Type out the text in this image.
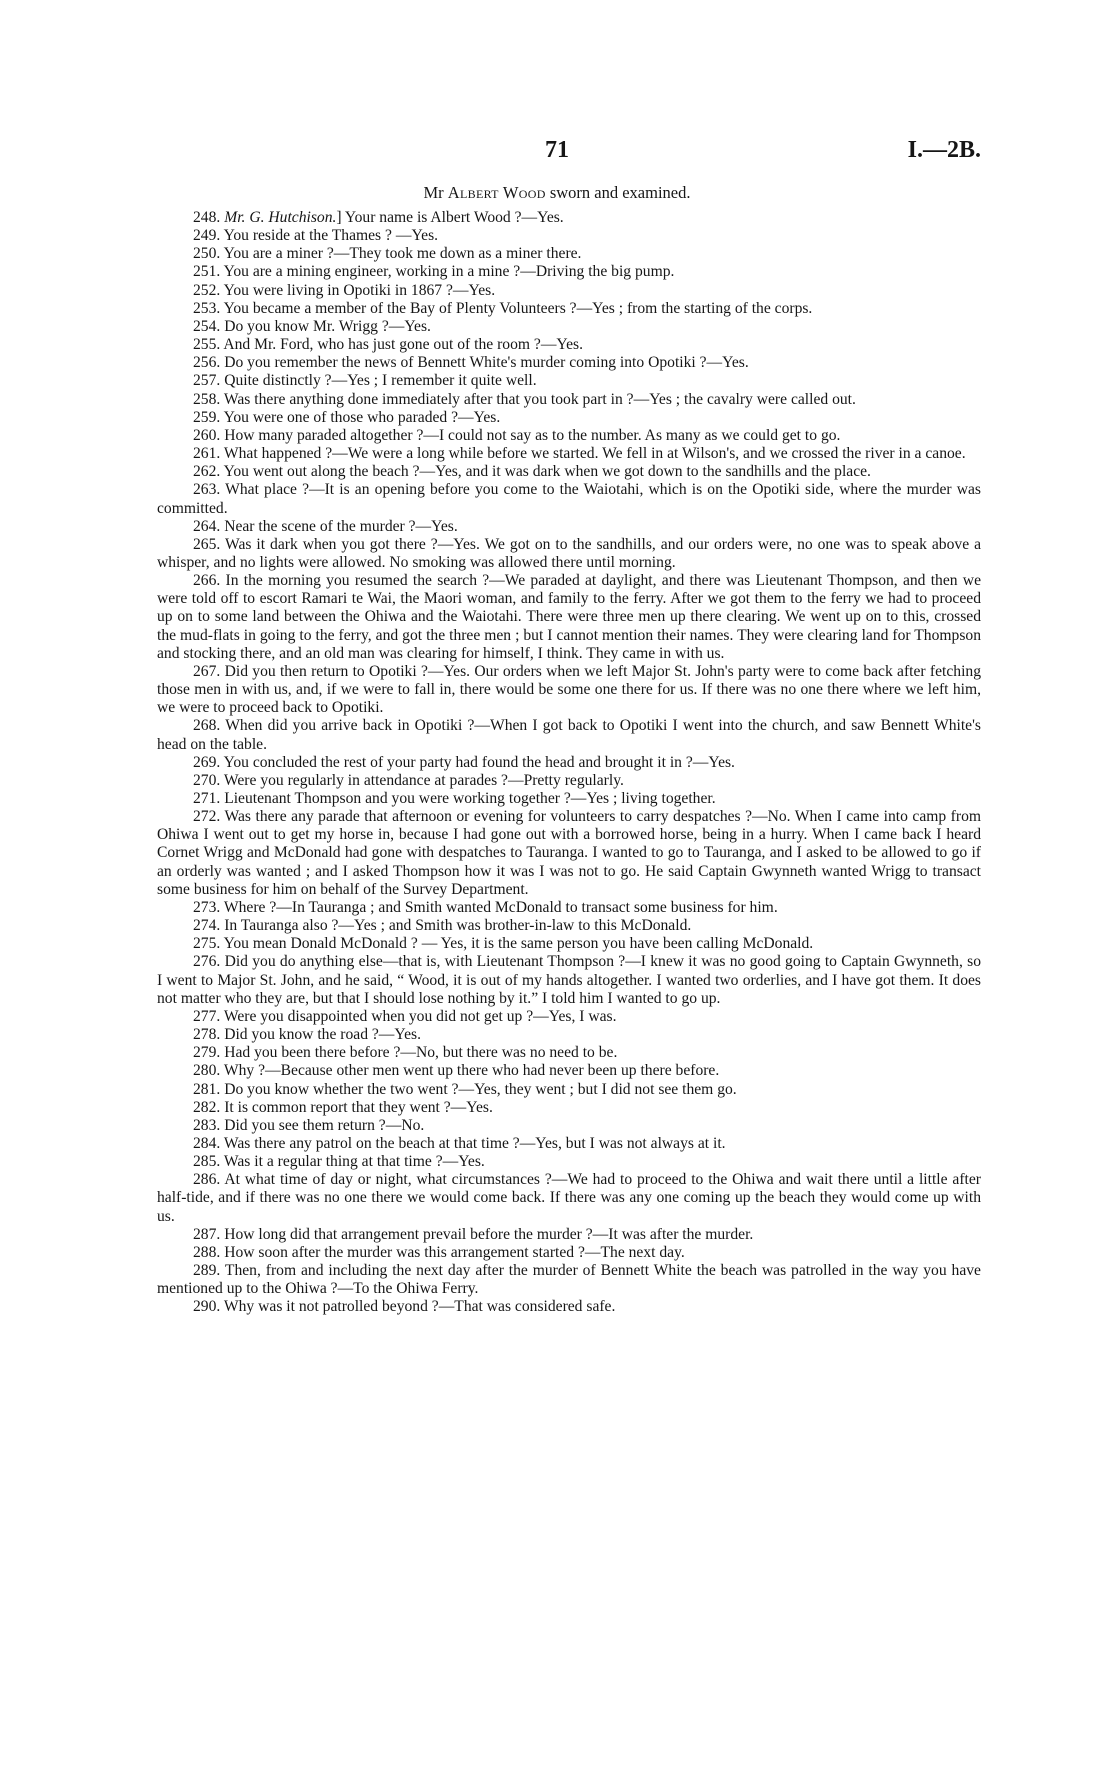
71	I.—2B.
Mr Albert Wood sworn and examined.

248. Mr. G. Hutchison.] Your name is Albert Wood ?—Yes.

249. You reside at the Thames ? —Yes.

250. You are a miner ?—They took me down as a miner there.

251. You are a mining engineer, working in a mine ?—Driving the big pump.

252. You were living in Opotiki in 1867 ?—Yes.

253. You became a member of the Bay of Plenty Volunteers ?—Yes ; from the starting of the corps.

254. Do you know Mr. Wrigg ?—Yes.

255. And Mr. Ford, who has just gone out of the room ?—Yes.

256. Do you remember the news of Bennett White's murder coming into Opotiki ?—Yes.

257. Quite distinctly ?—Yes ; I remember it quite well.

258. Was there anything done immediately after that you took part in ?—Yes ; the cavalry were called out.

259. You were one of those who paraded ?—Yes.

260. How many paraded altogether ?—I could not say as to the number. As many as we could get to go.

261. What happened ?—We were a long while before we started. We fell in at Wilson's, and we crossed the river in a canoe.

262. You went out along the beach ?—Yes, and it was dark when we got down to the sandhills and the place.

263. What place ?—It is an opening before you come to the Waiotahi, which is on the Opotiki side, where the murder was committed.

264. Near the scene of the murder ?—Yes.

265. Was it dark when you got there ?—Yes. We got on to the sandhills, and our orders were, no one was to speak above a whisper, and no lights were allowed. No smoking was allowed there until morning.

266. In the morning you resumed the search ?—We paraded at daylight, and there was Lieutenant Thompson, and then we were told off to escort Ramari te Wai, the Maori woman, and family to the ferry. After we got them to the ferry we had to proceed up on to some land between the Ohiwa and the Waiotahi. There were three men up there clearing. We went up on to this, crossed the mud-flats in going to the ferry, and got the three men ; but I cannot mention their names. They were clearing land for Thompson and stocking there, and an old man was clearing for himself, I think. They came in with us.

267. Did you then return to Opotiki ?—Yes. Our orders when we left Major St. John's party were to come back after fetching those men in with us, and, if we were to fall in, there would be some one there for us. If there was no one there where we left him, we were to proceed back to Opotiki.

268. When did you arrive back in Opotiki ?—When I got back to Opotiki I went into the church, and saw Bennett White's head on the table.

269. You concluded the rest of your party had found the head and brought it in ?—Yes.

270. Were you regularly in attendance at parades ?—Pretty regularly.

271. Lieutenant Thompson and you were working together ?—Yes ; living together.

272. Was there any parade that afternoon or evening for volunteers to carry despatches ?—No. When I came into camp from Ohiwa I went out to get my horse in, because I had gone out with a borrowed horse, being in a hurry. When I came back I heard Cornet Wrigg and McDonald had gone with despatches to Tauranga. I wanted to go to Tauranga, and I asked to be allowed to go if an orderly was wanted ; and I asked Thompson how it was I was not to go. He said Captain Gwynneth wanted Wrigg to transact some business for him on behalf of the Survey Department.

273. Where ?—In Tauranga ; and Smith wanted McDonald to transact some business for him.

274. In Tauranga also ?—Yes ; and Smith was brother-in-law to this McDonald.

275. You mean Donald McDonald ? — Yes, it is the same person you have been calling McDonald.

276. Did you do anything else—that is, with Lieutenant Thompson ?—I knew it was no good going to Captain Gwynneth, so I went to Major St. John, and he said, “ Wood, it is out of my hands altogether. I wanted two orderlies, and I have got them. It does not matter who they are, but that I should lose nothing by it.” I told him I wanted to go up.

277. Were you disappointed when you did not get up ?—Yes, I was.

278. Did you know the road ?—Yes.

279. Had you been there before ?—No, but there was no need to be.

280. Why ?—Because other men went up there who had never been up there before.

281. Do you know whether the two went ?—Yes, they went ; but I did not see them go.

282. It is common report that they went ?—Yes.

283. Did you see them return ?—No.

284. Was there any patrol on the beach at that time ?—Yes, but I was not always at it.

285. Was it a regular thing at that time ?—Yes.

286. At what time of day or night, what circumstances ?—We had to proceed to the Ohiwa and wait there until a little after half-tide, and if there was no one there we would come back. If there was any one coming up the beach they would come up with us.

287. How long did that arrangement prevail before the murder ?—It was after the murder.

288. How soon after the murder was this arrangement started ?—The next day.

289. Then, from and including the next day after the murder of Bennett White the beach was patrolled in the way you have mentioned up to the Ohiwa ?—To the Ohiwa Ferry.

290. Why was it not patrolled beyond ?—That was considered safe.
